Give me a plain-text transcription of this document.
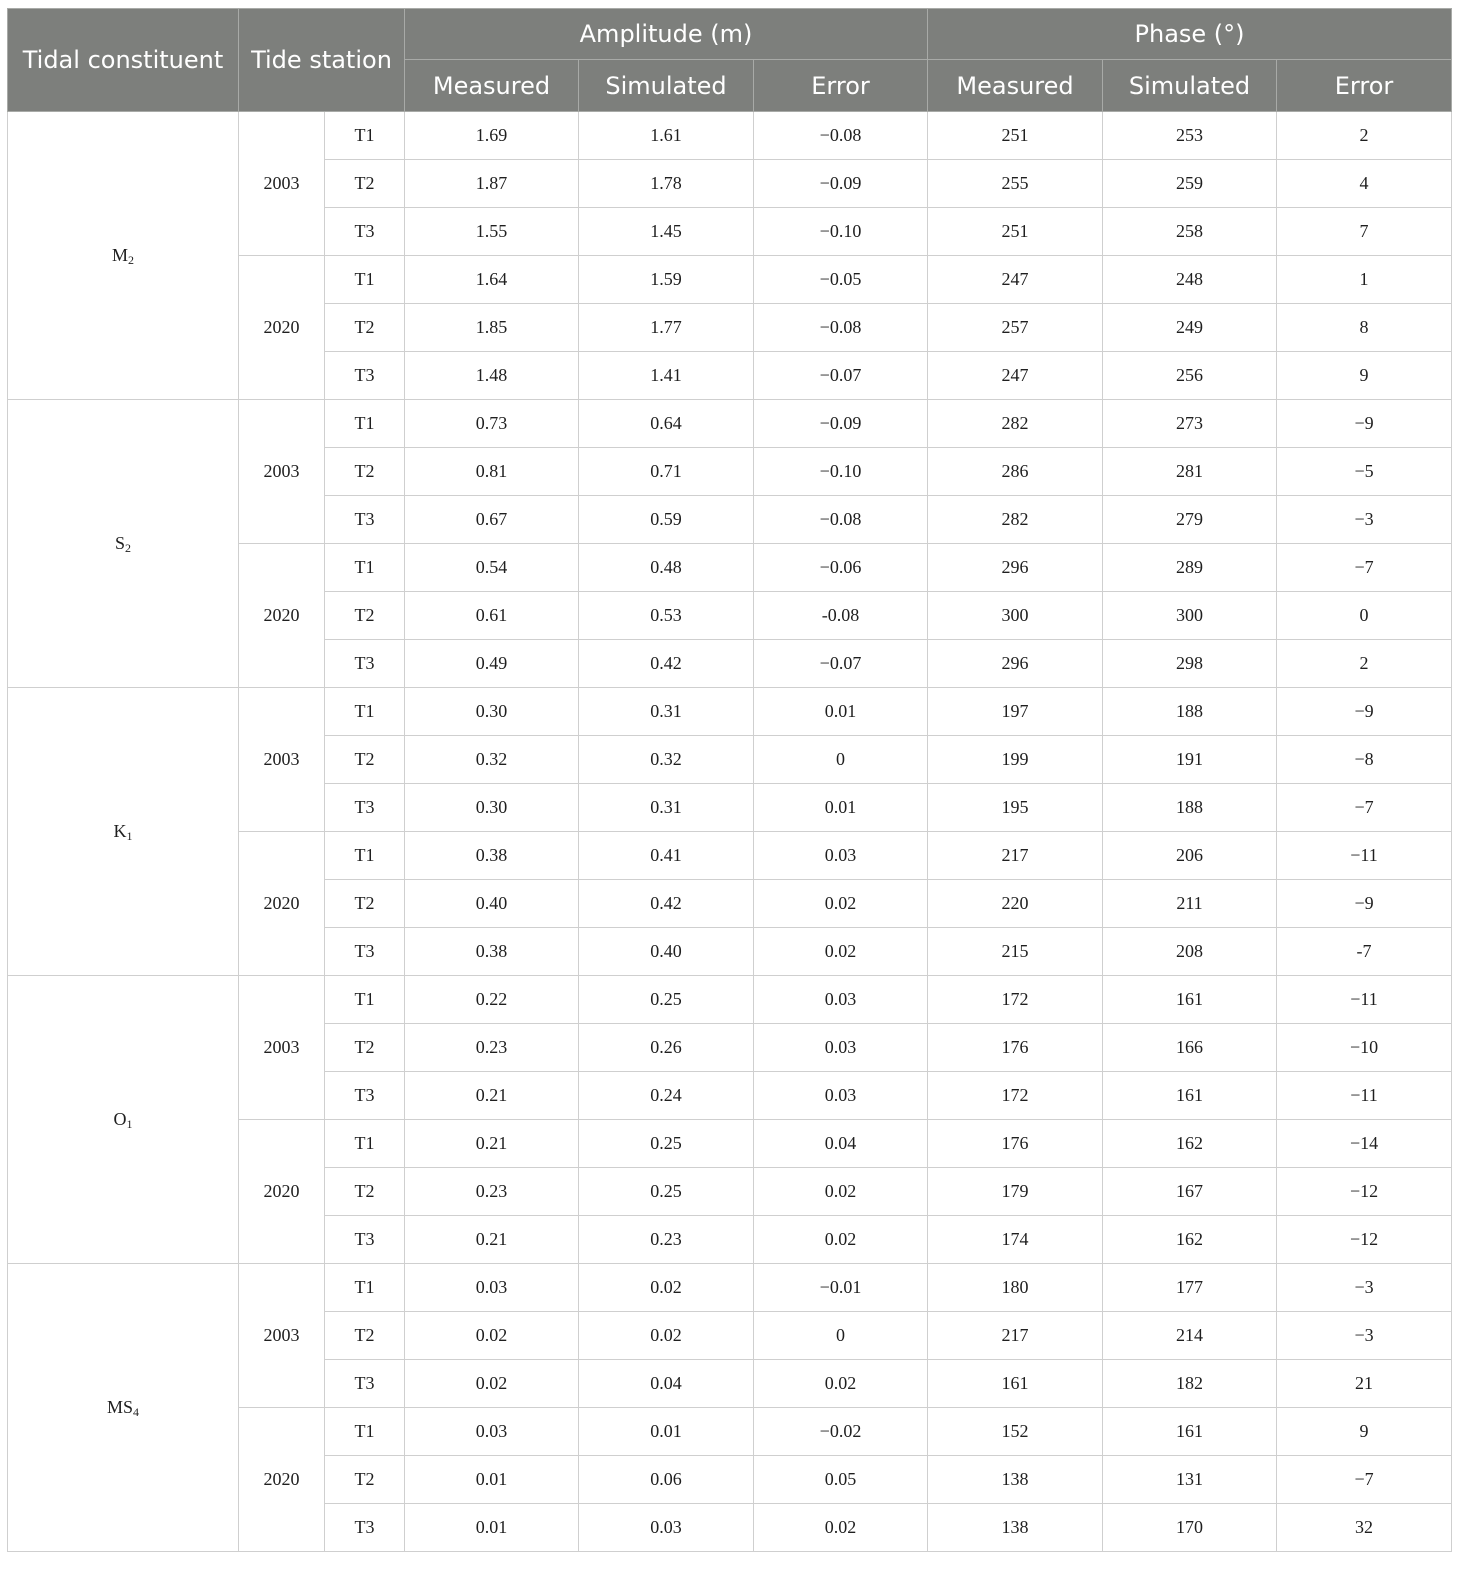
Tidal constituent	Tide station		Amplitude (m)			Phase (°)		
			Measured	Simulated	Error	Measured	Simulated	Error
$M_2$	2003	T1	1.69	1.61	−0.08	251	253	2
		T2	1.87	1.78	−0.09	255	259	4
		T3	1.55	1.45	−0.10	251	258	7
	2020	T1	1.64	1.59	−0.05	247	248	1
		T2	1.85	1.77	−0.08	257	249	8
		T3	1.48	1.41	−0.07	247	256	9
$S_2$	2003	T1	0.73	0.64	−0.09	282	273	−9
		T2	0.81	0.71	−0.10	286	281	−5
		T3	0.67	0.59	−0.08	282	279	−3
	2020	T1	0.54	0.48	−0.06	296	289	−7
		T2	0.61	0.53	-0.08	300	300	0
		T3	0.49	0.42	−0.07	296	298	2
$K_1$	2003	T1	0.30	0.31	0.01	197	188	−9
		T2	0.32	0.32	0	199	191	−8
		T3	0.30	0.31	0.01	195	188	−7
	2020	T1	0.38	0.41	0.03	217	206	−11
		T2	0.40	0.42	0.02	220	211	−9
		T3	0.38	0.40	0.02	215	208	-7
$O_1$	2003	T1	0.22	0.25	0.03	172	161	−11
		T2	0.23	0.26	0.03	176	166	−10
		T3	0.21	0.24	0.03	172	161	−11
	2020	T1	0.21	0.25	0.04	176	162	−14
		T2	0.23	0.25	0.02	179	167	−12
		T3	0.21	0.23	0.02	174	162	−12
$MS_4$	2003	T1	0.03	0.02	−0.01	180	177	−3
		T2	0.02	0.02	0	217	214	−3
		T3	0.02	0.04	0.02	161	182	21
	2020	T1	0.03	0.01	−0.02	152	161	9
		T2	0.01	0.06	0.05	138	131	−7
		T3	0.01	0.03	0.02	138	170	32
